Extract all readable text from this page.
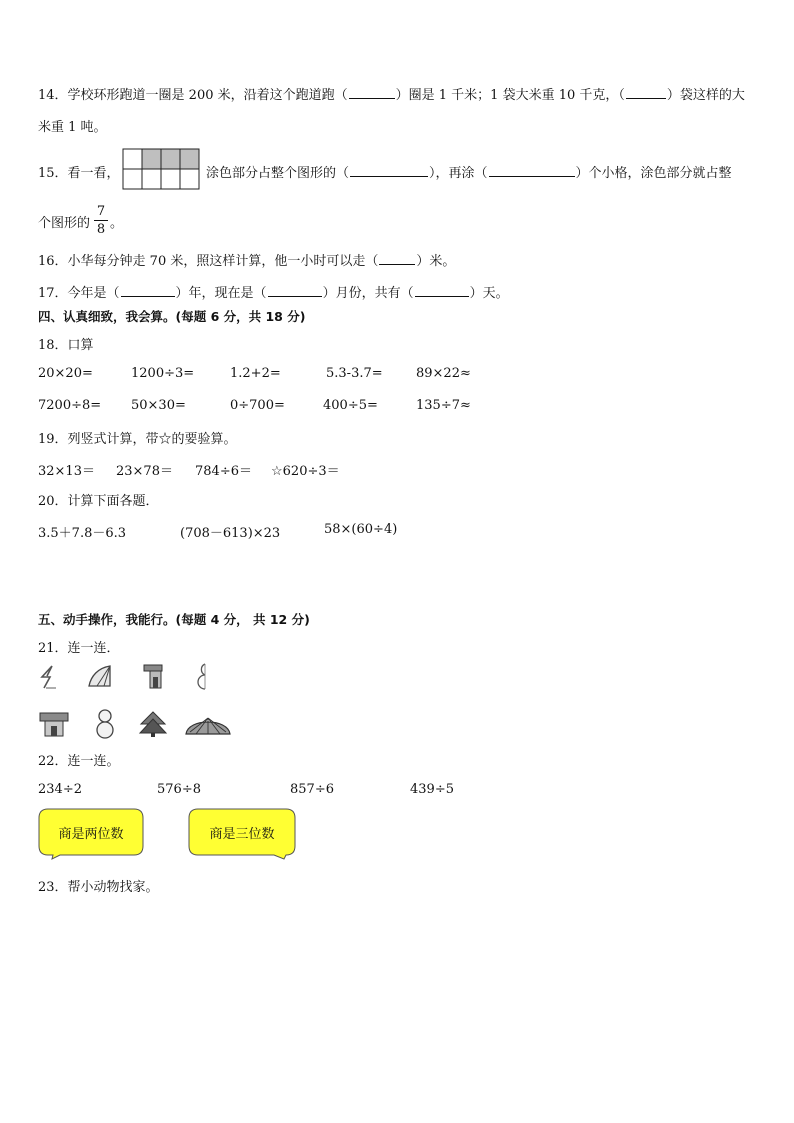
14．学校环形跑道一圈是 200 米，沿着这个跑道跑（	）圈是 1 千米；1 袋大米重 10 千克，（	）袋这样的大
米重 1 吨。
15．看一看，	涂色部分占整个图形的（	），再涂（	）个小格，涂色部分就占整
个图形的
7
8 。
16．小华每分钟走 70 米，照这样计算，他一小时可以走（	）米。
17．今年是（	）年，现在是（	）月份，共有（	）天。
四、认真细致，我会算。(每题 6 分，共 18 分)
18．口算
20×20=	1200÷3=	1.2+2=	5.3-3.7=	89×22≈
7200÷8= 50×30=	0÷700=	400÷5=	135÷7≈
19．列竖式计算，带☆的要验算。
32×13＝ 23×78＝ 784÷6＝ ☆620÷3＝
20．计算下面各题．
3.5＋7.8－6.3	(708－613)×23	58×(60÷4)
五、动手操作，我能行。(每题 4 分， 共 12 分)
21．连一连．
22．连一连。
234÷2	576÷8	857÷6	439÷5
商是两位数	商是三位数
23．帮小动物找家。
